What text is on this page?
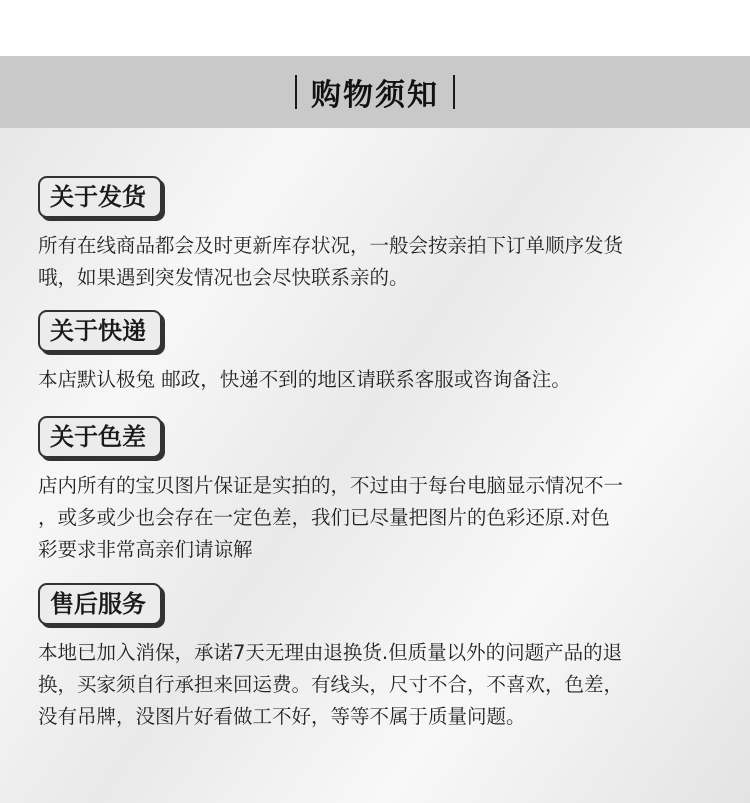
购物须知
关于发货
所有在线商品都会及时更新库存状况，一般会按亲拍下订单顺序发货
哦，如果遇到突发情况也会尽快联系亲的。
关于快递
本店默认极兔 邮政，快递不到的地区请联系客服或咨询备注。
关于色差
店内所有的宝贝图片保证是实拍的，不过由于每台电脑显示情况不一
，或多或少也会存在一定色差，我们已尽量把图片的色彩还原.对色
彩要求非常高亲们请谅解
售后服务
本地已加入消保，承诺7天无理由退换货.但质量以外的问题产品的退
换，买家须自行承担来回运费。有线头，尺寸不合，不喜欢，色差，
没有吊牌，没图片好看做工不好，等等不属于质量问题。
